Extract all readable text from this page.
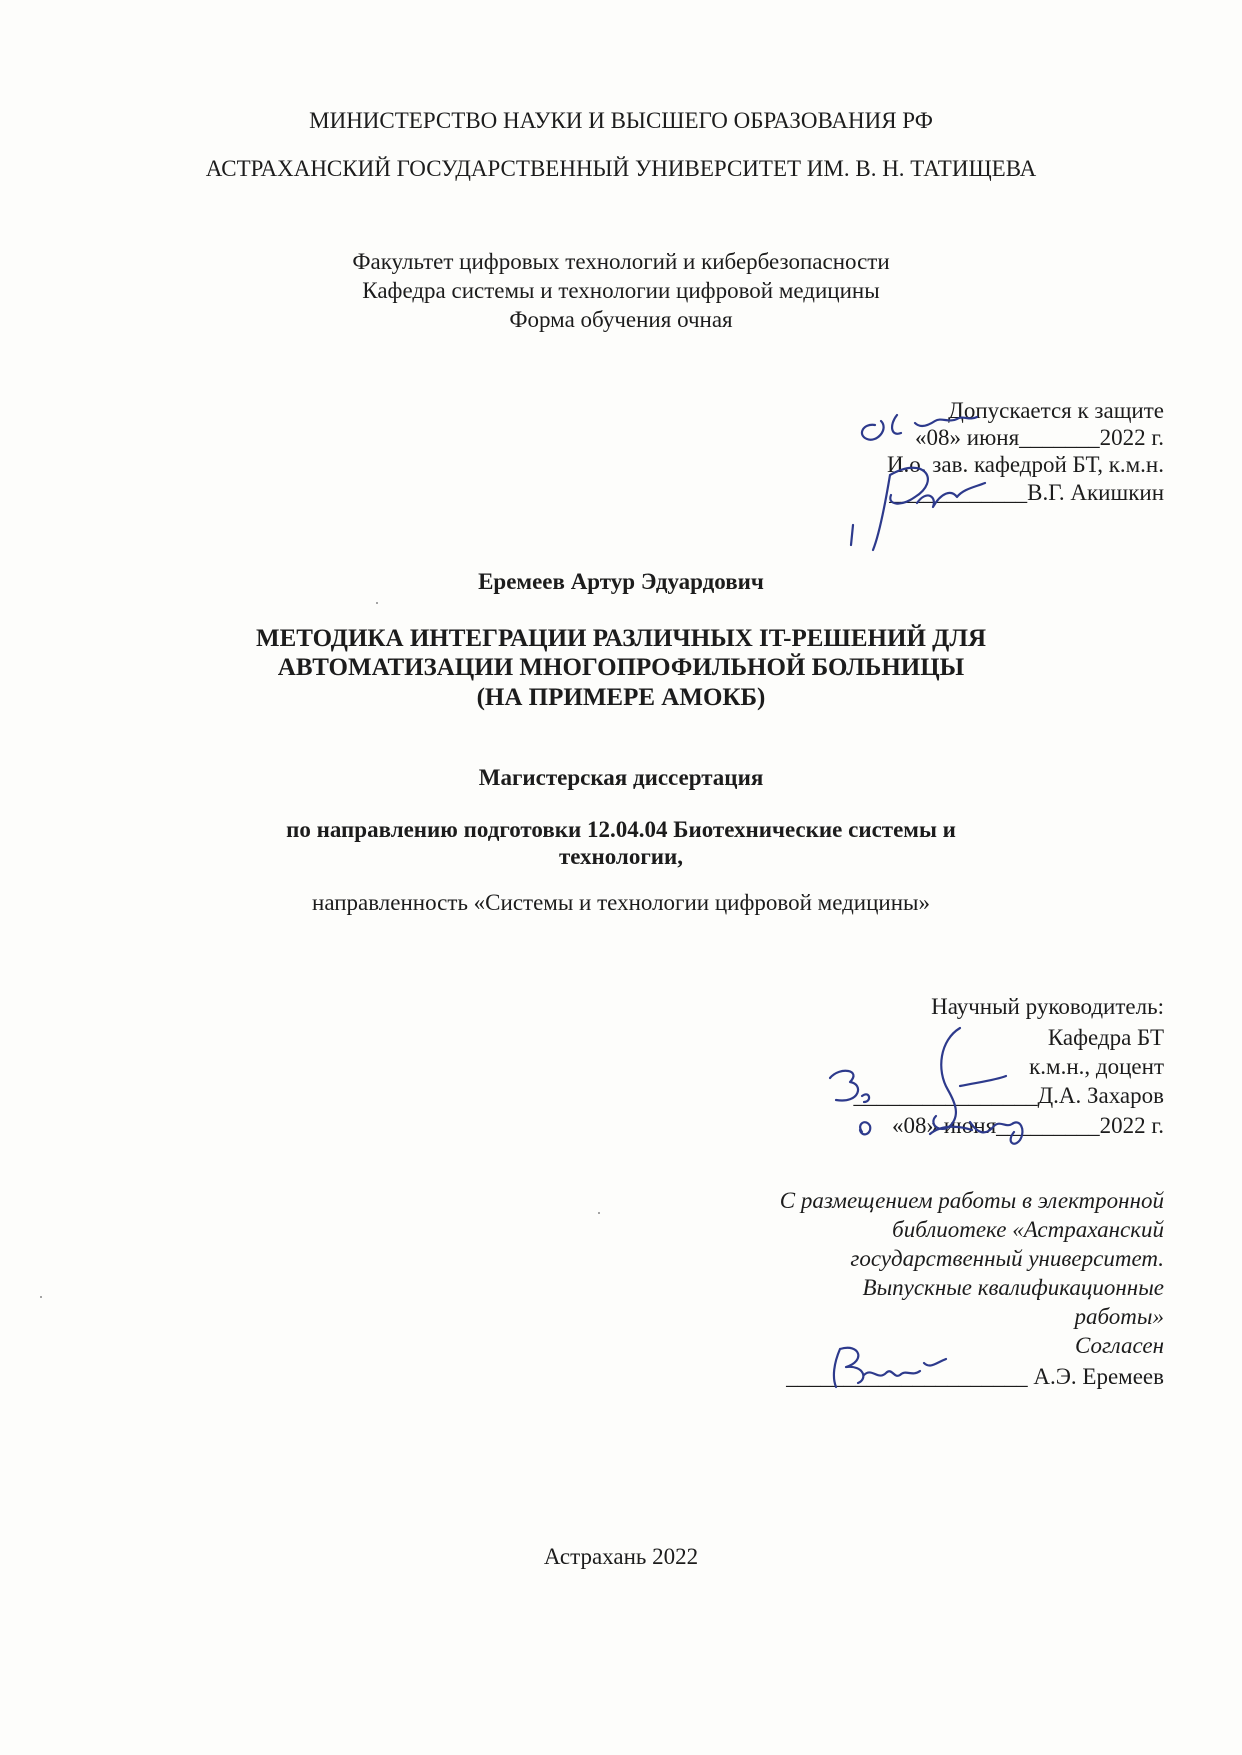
МИНИСТЕРСТВО НАУКИ И ВЫСШЕГО ОБРАЗОВАНИЯ РФ
АСТРАХАНСКИЙ ГОСУДАРСТВЕННЫЙ УНИВЕРСИТЕТ ИМ. В. Н. ТАТИЩЕВА
Факультет цифровых технологий и кибербезопасности
Кафедра системы и технологии цифровой медицины
Форма обучения очная
Допускается к защите
«08» июня_______2022 г.
И.о. зав. кафедрой БТ, к.м.н.
____________В.Г. Акишкин
Еремеев Артур Эдуардович
МЕТОДИКА ИНТЕГРАЦИИ РАЗЛИЧНЫХ IT-РЕШЕНИЙ ДЛЯ
АВТОМАТИЗАЦИИ МНОГОПРОФИЛЬНОЙ БОЛЬНИЦЫ
(НА ПРИМЕРЕ АМОКБ)
Магистерская диссертация
по направлению подготовки 12.04.04 Биотехнические системы и
технологии,
направленность «Системы и технологии цифровой медицины»
Научный руководитель:
Кафедра БТ
к.м.н., доцент
________________Д.А. Захаров
«08» июня_________2022 г.
С размещением работы в электронной
библиотеке «Астраханский
государственный университет.
Выпускные квалификационные
работы»
Согласен
_____________________ А.Э. Еремеев
Астрахань 2022
